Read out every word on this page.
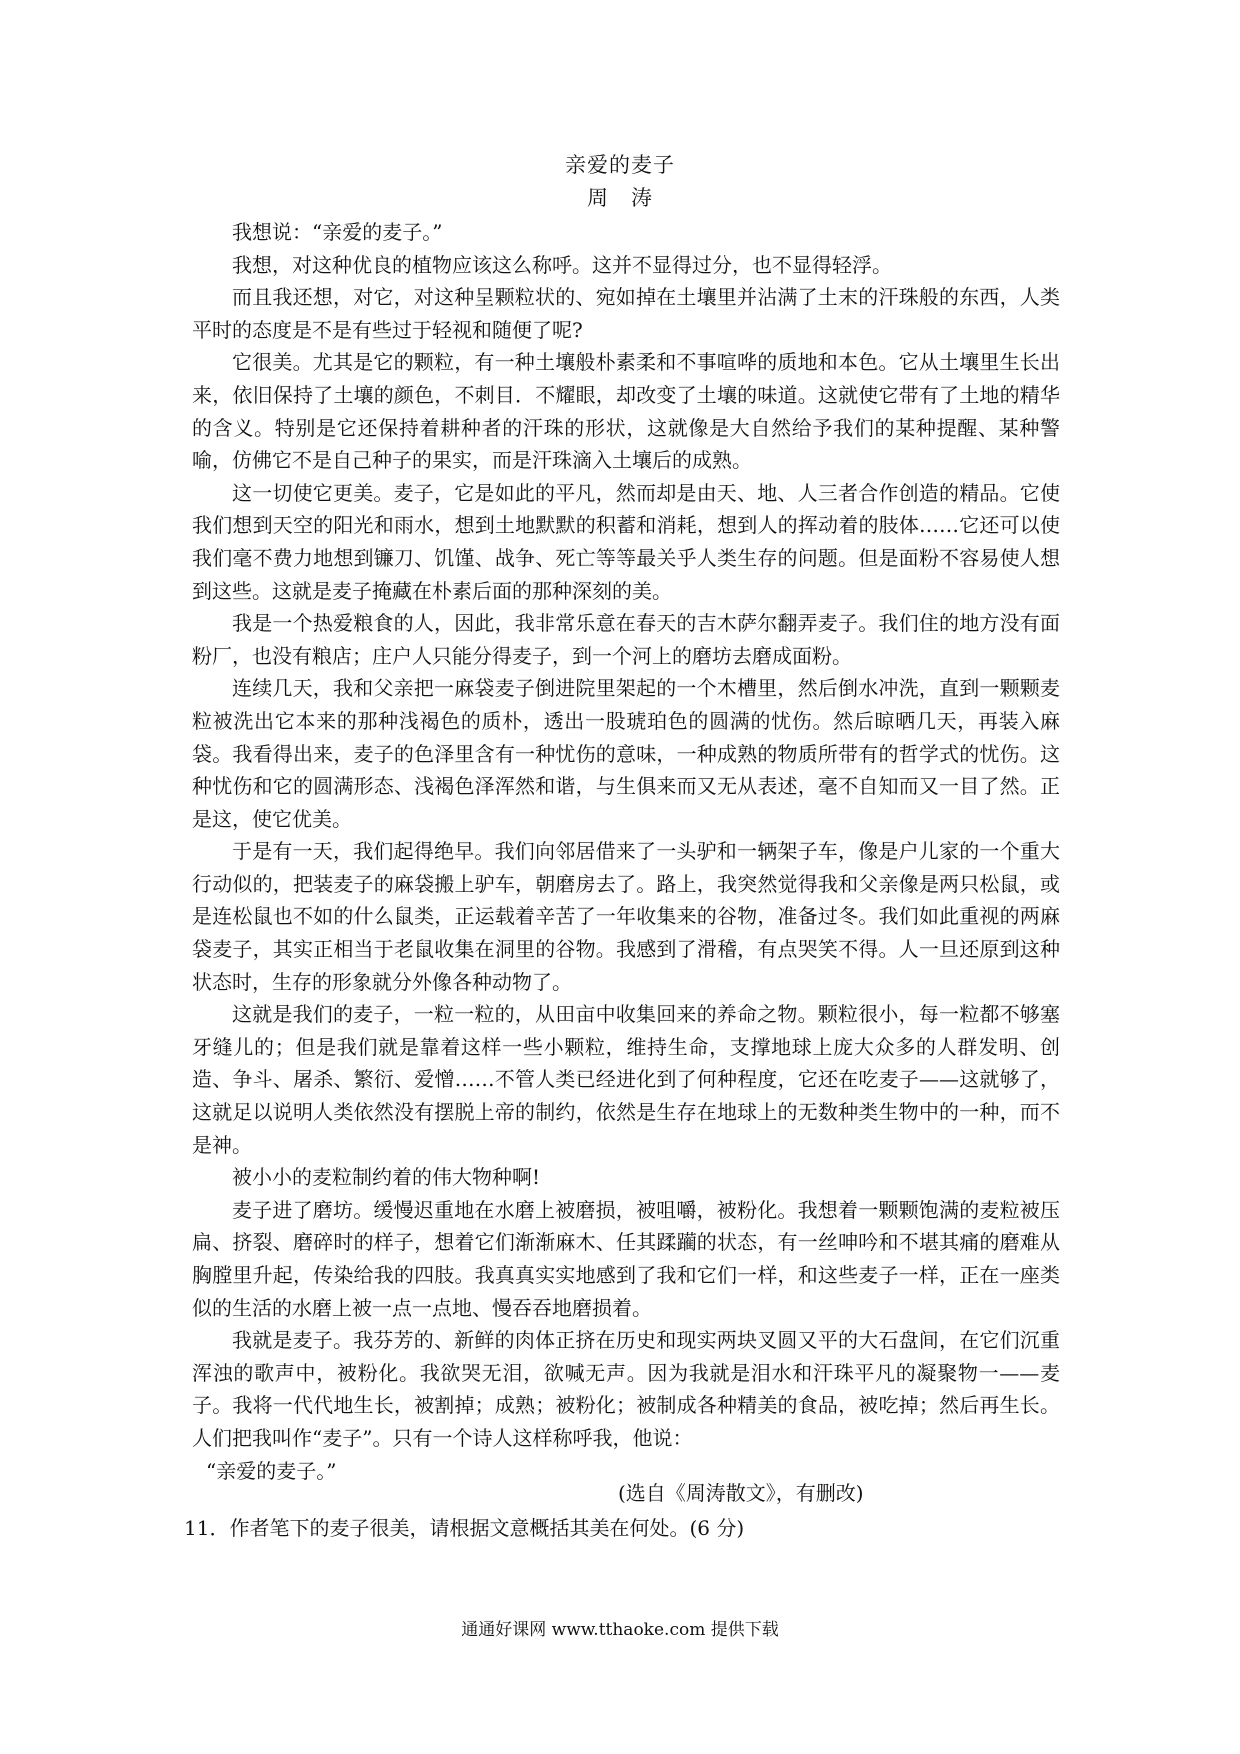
亲爱的麦子
周　涛

我想说：“亲爱的麦子。”

我想，对这种优良的植物应该这么称呼。这并不显得过分，也不显得轻浮。

而且我还想，对它，对这种呈颗粒状的、宛如掉在土壤里并沾满了土末的汗珠般的东西，人类平时的态度是不是有些过于轻视和随便了呢?

它很美。尤其是它的颗粒，有一种土壤般朴素柔和不事喧哗的质地和本色。它从土壤里生长出来，依旧保持了土壤的颜色，不刺目．不耀眼，却改变了土壤的味道。这就使它带有了土地的精华的含义。特别是它还保持着耕种者的汗珠的形状，这就像是大自然给予我们的某种提醒、某种警喻，仿佛它不是自己种子的果实，而是汗珠滴入土壤后的成熟。

这一切使它更美。麦子，它是如此的平凡，然而却是由天、地、人三者合作创造的精品。它使我们想到天空的阳光和雨水，想到土地默默的积蓄和消耗，想到人的挥动着的肢体……它还可以使我们毫不费力地想到镰刀、饥馑、战争、死亡等等最关乎人类生存的问题。但是面粉不容易使人想到这些。这就是麦子掩藏在朴素后面的那种深刻的美。

我是一个热爱粮食的人，因此，我非常乐意在春天的吉木萨尔翻弄麦子。我们住的地方没有面粉厂，也没有粮店；庄户人只能分得麦子，到一个河上的磨坊去磨成面粉。

连续几天，我和父亲把一麻袋麦子倒进院里架起的一个木槽里，然后倒水冲洗，直到一颗颗麦粒被洗出它本来的那种浅褐色的质朴，透出一股琥珀色的圆满的忧伤。然后晾晒几天，再装入麻袋。我看得出来，麦子的色泽里含有一种忧伤的意味，一种成熟的物质所带有的哲学式的忧伤。这种忧伤和它的圆满形态、浅褐色泽浑然和谐，与生俱来而又无从表述，毫不自知而又一目了然。正是这，使它优美。

于是有一天，我们起得绝早。我们向邻居借来了一头驴和一辆架子车，像是户儿家的一个重大行动似的，把装麦子的麻袋搬上驴车，朝磨房去了。路上，我突然觉得我和父亲像是两只松鼠，或是连松鼠也不如的什么鼠类，正运载着辛苦了一年收集来的谷物，准备过冬。我们如此重视的两麻袋麦子，其实正相当于老鼠收集在洞里的谷物。我感到了滑稽，有点哭笑不得。人一旦还原到这种状态时，生存的形象就分外像各种动物了。

这就是我们的麦子，一粒一粒的，从田亩中收集回来的养命之物。颗粒很小，每一粒都不够塞牙缝儿的；但是我们就是靠着这样一些小颗粒，维持生命，支撑地球上庞大众多的人群发明、创造、争斗、屠杀、繁衍、爱憎……不管人类已经进化到了何种程度，它还在吃麦子——这就够了，这就足以说明人类依然没有摆脱上帝的制约，依然是生存在地球上的无数种类生物中的一种，而不是神。

被小小的麦粒制约着的伟大物种啊!

麦子进了磨坊。缓慢迟重地在水磨上被磨损，被咀嚼，被粉化。我想着一颗颗饱满的麦粒被压扁、挤裂、磨碎时的样子，想着它们渐渐麻木、任其蹂躏的状态，有一丝呻吟和不堪其痛的磨难从胸膛里升起，传染给我的四肢。我真真实实地感到了我和它们一样，和这些麦子一样，正在一座类似的生活的水磨上被一点一点地、慢吞吞地磨损着。

我就是麦子。我芬芳的、新鲜的肉体正挤在历史和现实两块叉圆又平的大石盘间，在它们沉重浑浊的歌声中，被粉化。我欲哭无泪，欲喊无声。因为我就是泪水和汗珠平凡的凝聚物一——麦子。我将一代代地生长，被割掉；成熟；被粉化；被制成各种精美的食品，被吃掉；然后再生长。人们把我叫作“麦子”。只有一个诗人这样称呼我，他说：

“亲爱的麦子。”

(选自《周涛散文》，有删改)
11．作者笔下的麦子很美，请根据文意概括其美在何处。(6 分)
通通好课网 www.tthaoke.com 提供下载
